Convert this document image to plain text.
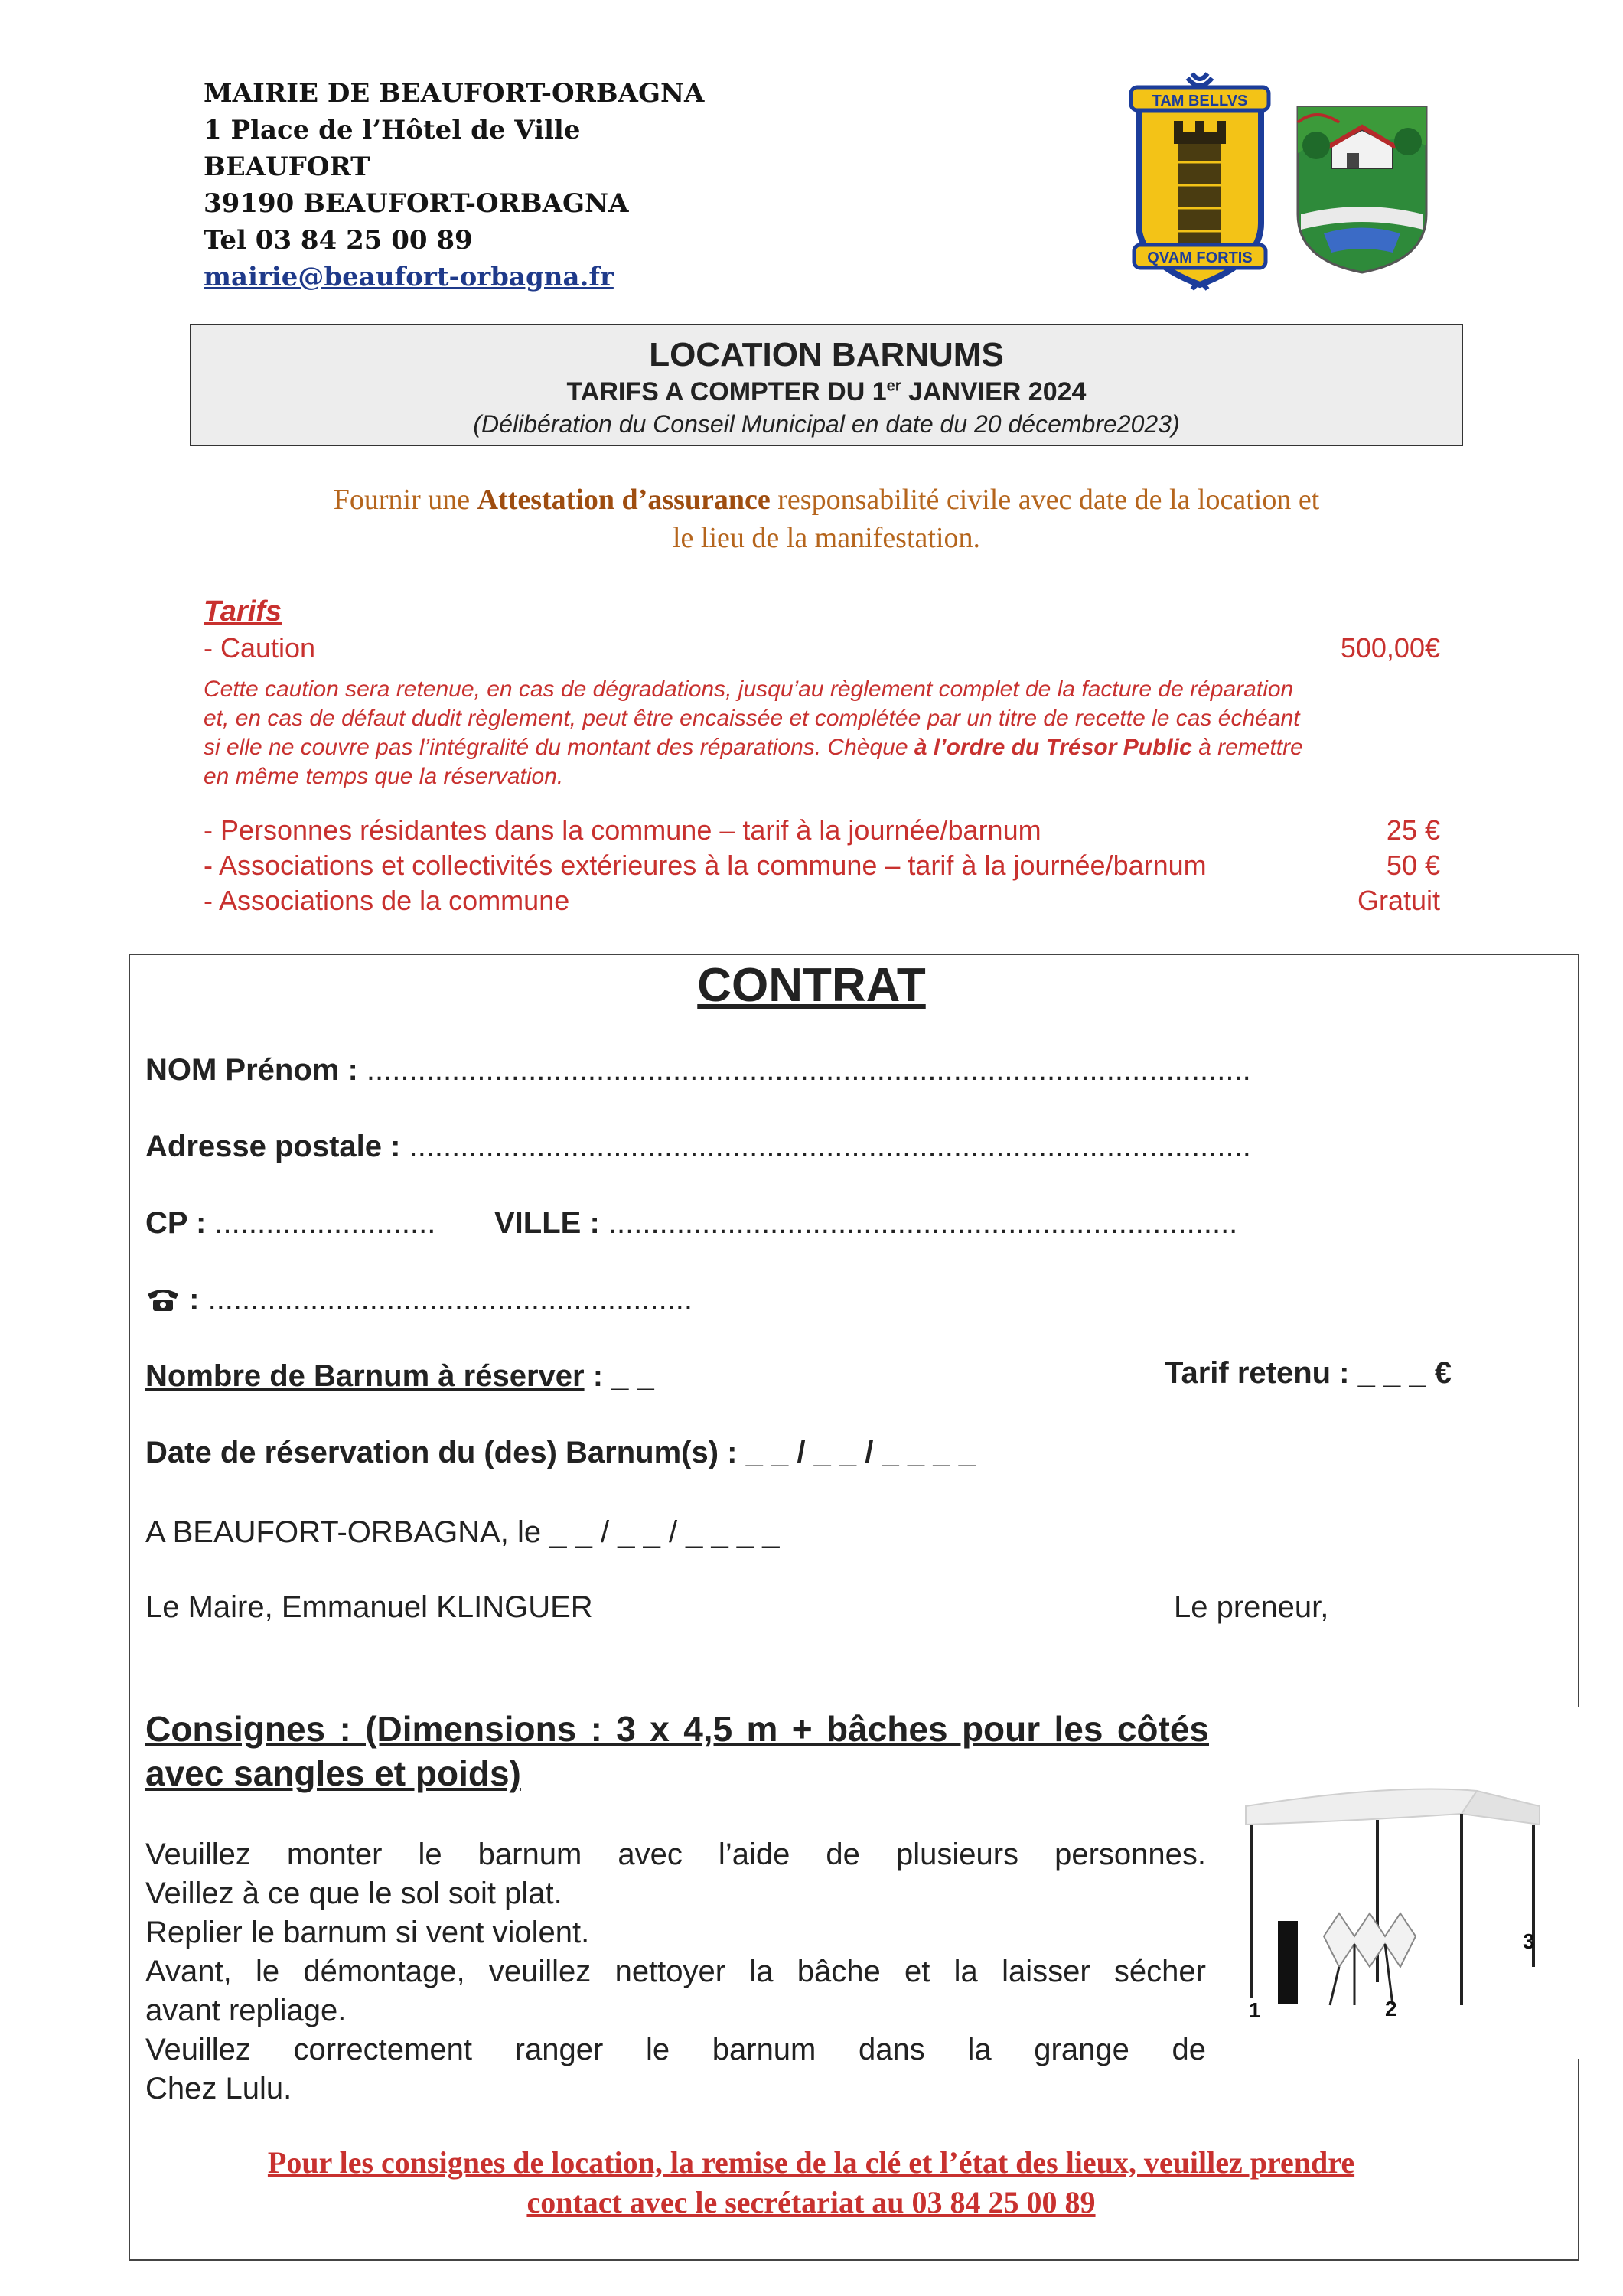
MAIRIE DE BEAUFORT-ORBAGNA
1 Place de l’Hôtel de Ville
BEAUFORT
39190 BEAUFORT-ORBAGNA
Tel 03 84 25 00 89
mairie@beaufort-orbagna.fr
TAM BELLVS
QVAM FORTIS
LOCATION BARNUMS
TARIFS A COMPTER DU 1er JANVIER 2024
(Délibération du Conseil Municipal en date du 20 décembre2023)
Fournir une Attestation d’assurance responsabilité civile avec date de la location et
le lieu de la manifestation.
Tarifs
- Caution	500,00€
Cette caution sera retenue, en cas de dégradations, jusqu’au règlement complet de la facture de réparation
et, en cas de défaut dudit règlement, peut être encaissée et complétée par un titre de recette le cas échéant
si elle ne couvre pas l’intégralité du montant des réparations. Chèque à l’ordre du Trésor Public à remettre
en même temps que la réservation.
- Personnes résidantes dans la commune – tarif à la journée/barnum	25 €
- Associations et collectivités extérieures à la commune – tarif à la journée/barnum	50 €
- Associations de la commune	Gratuit
CONTRAT
NOM Prénom : ........................................................................................................
Adresse postale : ...................................................................................................
CP : .......................... VILLE : ..........................................................................
: .........................................................
Nombre de Barnum à réserver : _ _	Tarif retenu : _ _ _ €
Date de réservation du (des) Barnum(s) : _ _ / _ _ / _ _ _ _
A BEAUFORT-ORBAGNA, le _ _ / _ _ / _ _ _ _
Le Maire, Emmanuel KLINGUER	Le preneur,
Consignes : (Dimensions : 3 x 4,5 m + bâches pour les côtés avec sangles et poids)
Veuillez monter le barnum avec l’aide de plusieurs personnes.
Veillez à ce que le sol soit plat.
Replier le barnum si vent violent.
Avant, le démontage, veuillez nettoyer la bâche et la laisser sécher
avant repliage.
Veuillez correctement ranger le barnum dans la grange de
Chez Lulu.
1	2
3
Pour les consignes de location, la remise de la clé et l’état des lieux, veuillez prendre
contact avec le secrétariat au 03 84 25 00 89
